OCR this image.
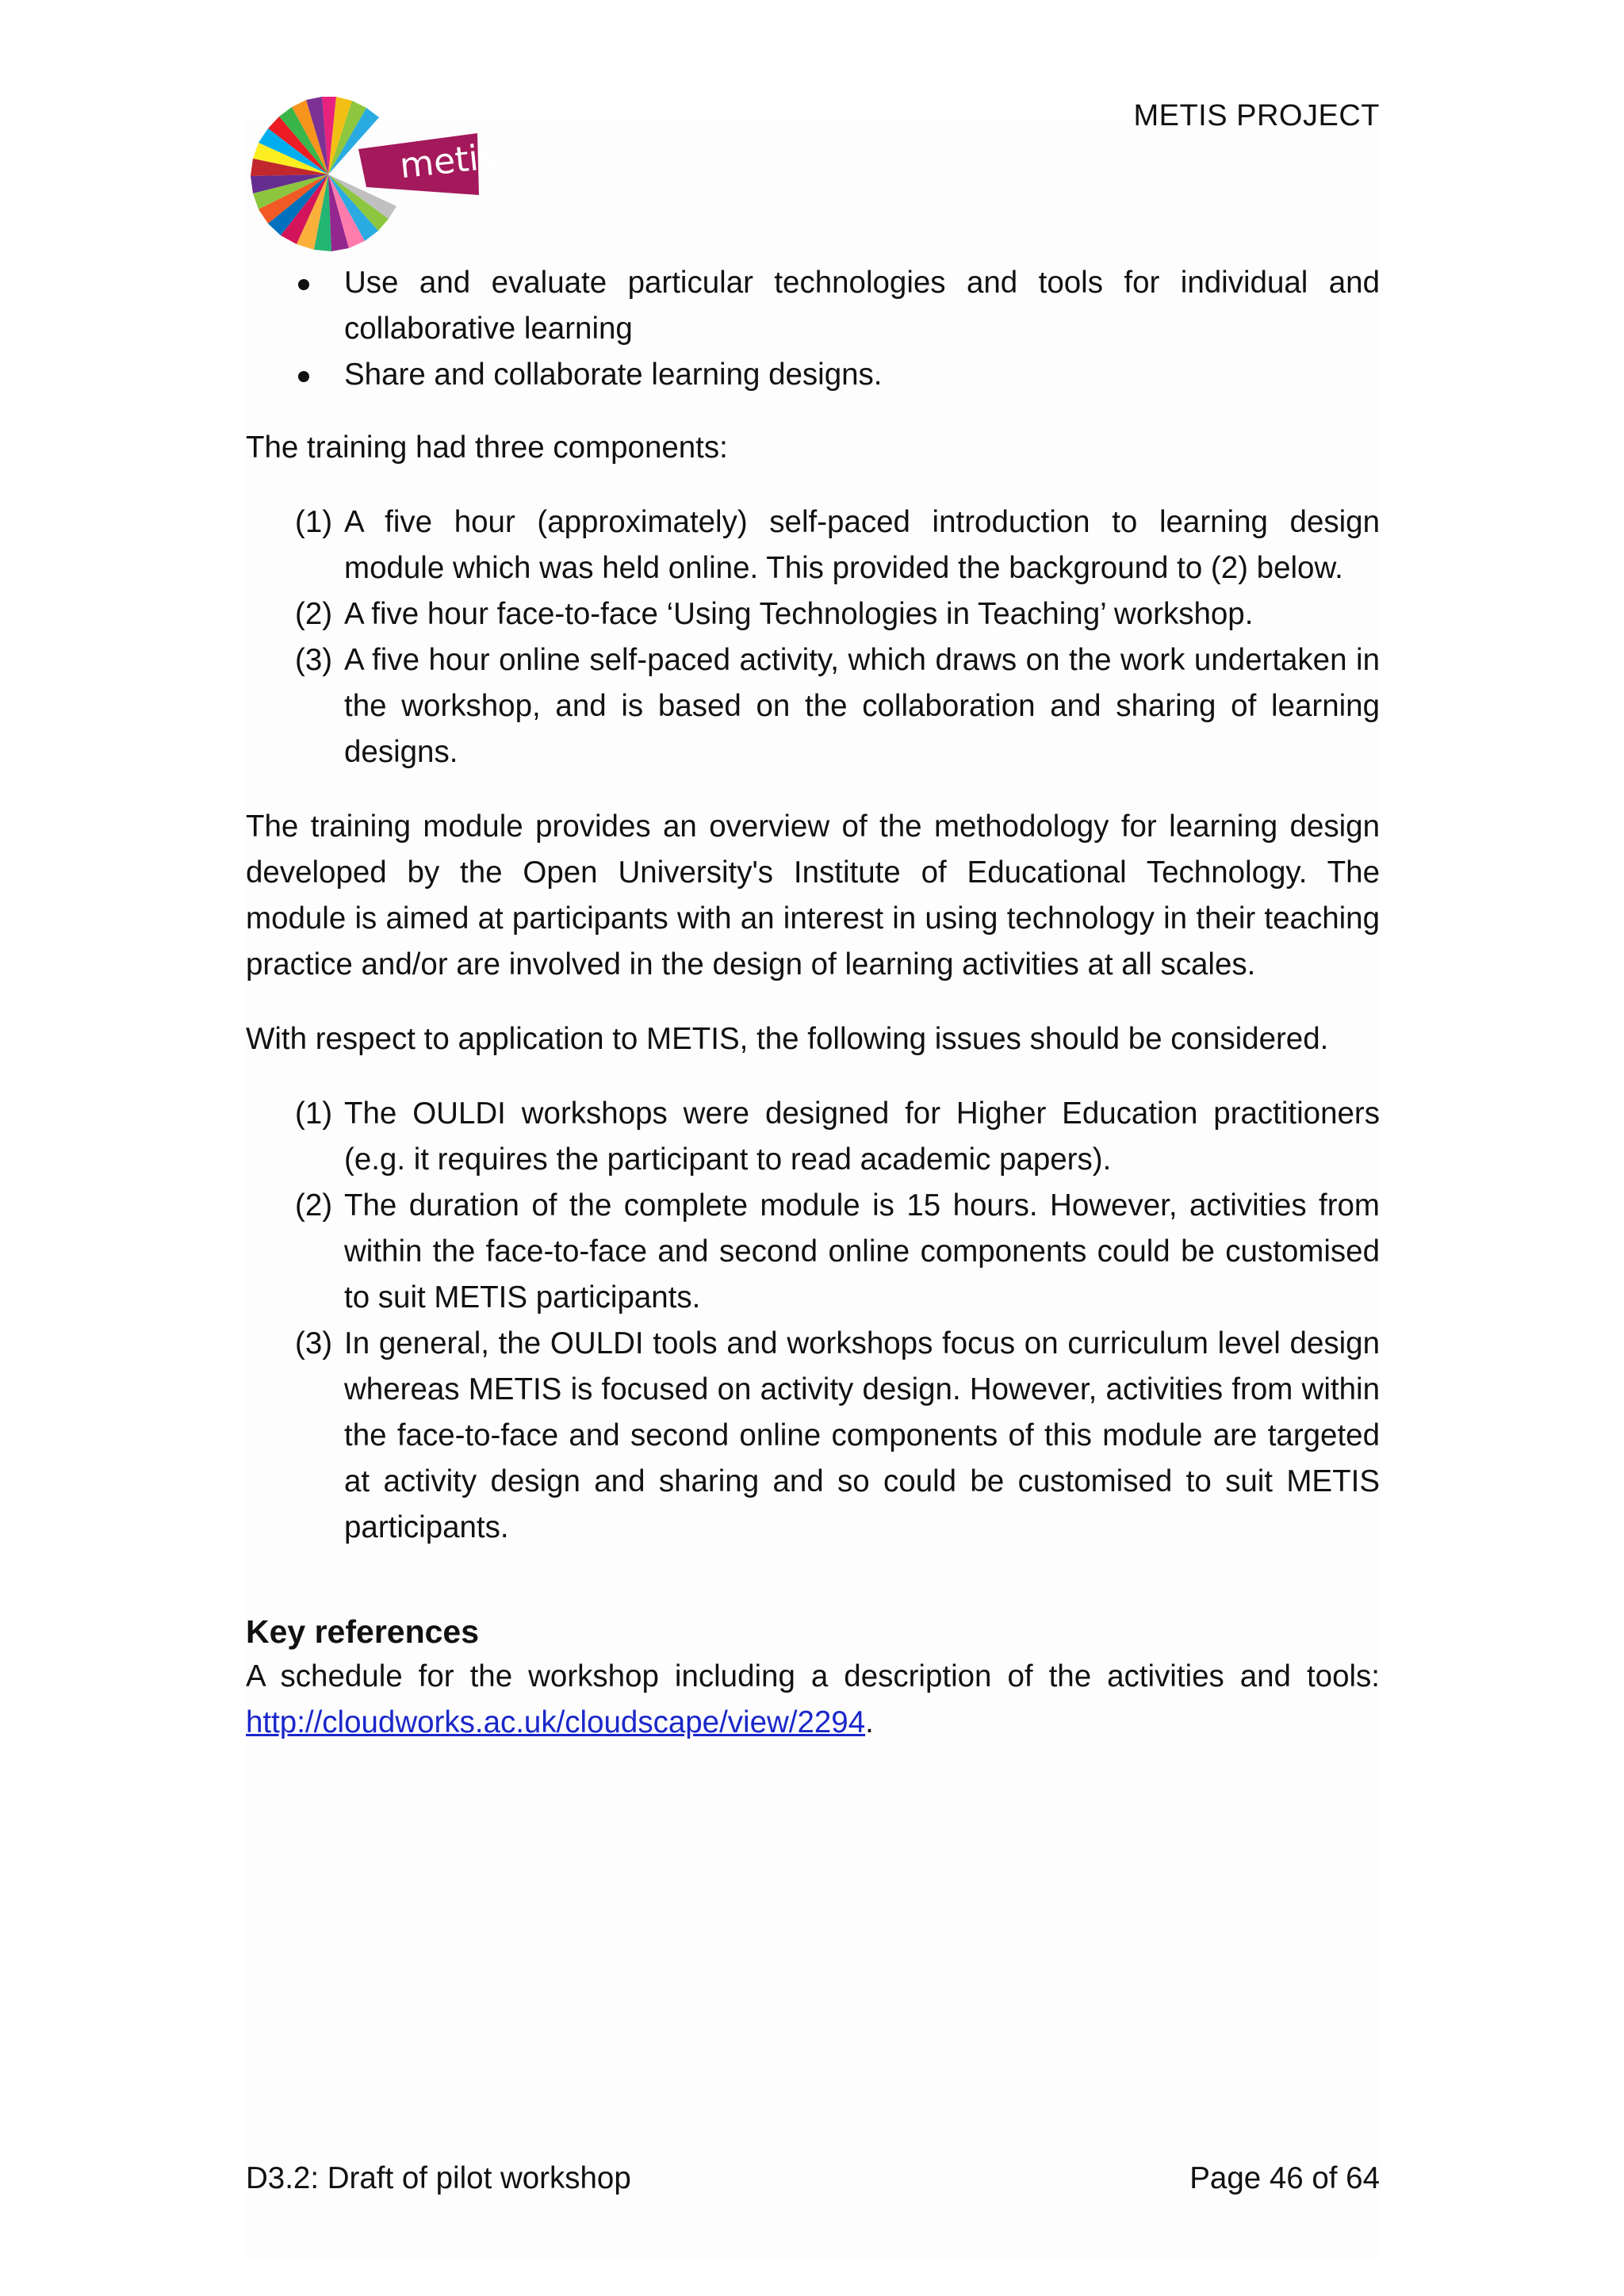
metis
METIS PROJECT
Use and evaluate particular technologies and tools for individual and collaborative learning
Share and collaborate learning designs.

The training had three components:

(1) A five hour (approximately) self-paced introduction to learning design module which was held online. This provided the background to (2) below.
(2) A five hour face-to-face ‘Using Technologies in Teaching’ workshop.
(3) A five hour online self-paced activity, which draws on the work undertaken in the workshop, and is based on the collaboration and sharing of learning designs.

The training module provides an overview of the methodology for learning design developed by the Open University's Institute of Educational Technology. The module is aimed at participants with an interest in using technology in their teaching practice and/or are involved in the design of learning activities at all scales.

With respect to application to METIS, the following issues should be considered.

(1) The OULDI workshops were designed for Higher Education practitioners (e.g. it requires the participant to read academic papers).
(2) The duration of the complete module is 15 hours. However, activities from within the face-to-face and second online components could be customised to suit METIS participants.
(3) In general, the OULDI tools and workshops focus on curriculum level design whereas METIS is focused on activity design. However, activities from within the face-to-face and second online components of this module are targeted at activity design and sharing and so could be customised to suit METIS participants.
Key references

A schedule for the workshop including a description of the activities and tools: http://cloudworks.ac.uk/cloudscape/view/2294.

D3.2: Draft of pilot workshop	Page 46 of 64
